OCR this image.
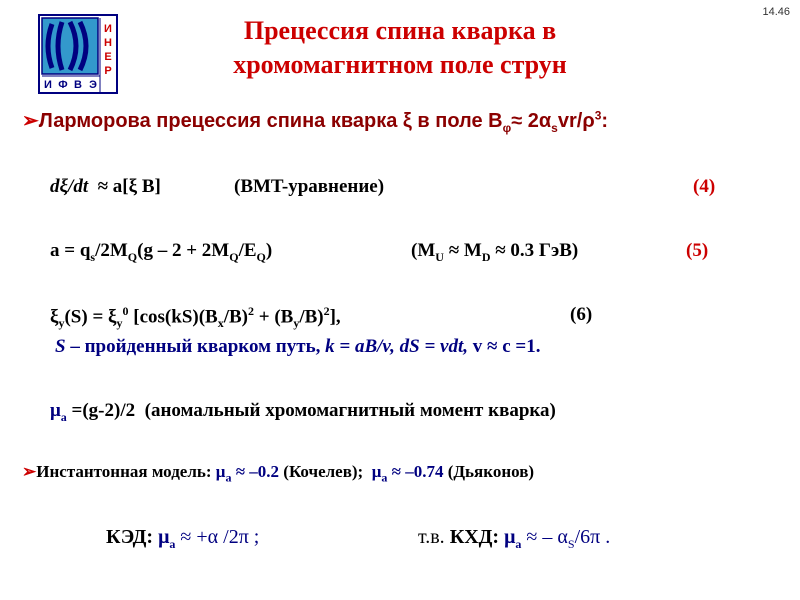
14.46
И
Н
Е
Р
И Ф В Э
Прецессия спина кварка в
хромомагнитном поле струн
➢Ларморова прецессия спина кварка ξ в поле $B_\varphi\approx 2\alpha_svr/\rho^3$:
dξ/dt ≈ a[ξ B]	(BMT-уравнение)	(4)
$a = q_s/2M_Q(g - 2 + 2M_Q/E_Q)$	($M_U \approx M_D \approx 0.3$ ГэВ)	(5)
$\xi_y(S) = \xi_y^0$ $[\cos(kS)(B_x/B)^2 + (B_y/B)^2]$,	(6)
S – пройденный кварком путь, k = aB/v, dS = vdt, v ≈ c =1.
$\mu_a =(g-2)/2$ (аномальный хромомагнитный момент кварка)
➢Инстантонная модель: $\mu_a \approx -0.2$ (Кочелев); $\mu_a \approx -0.74$ (Дьяконов)
КЭД: $\mu_a \approx +\alpha$ /2π ;	т.в. КХД: $\mu_a$ ≈ – $\alpha_S/6\pi$ .
